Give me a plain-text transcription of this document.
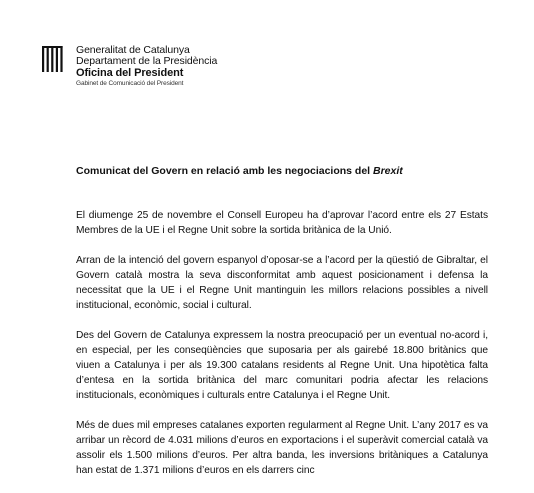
Generalitat de Catalunya
Departament de la Presidència
Oficina del President
Gabinet de Comunicació del President
Comunicat del Govern en relació amb les negociacions del Brexit

El diumenge 25 de novembre el Consell Europeu ha d’aprovar l’acord entre els 27 Estats Membres de la UE i el Regne Unit sobre la sortida britànica de la Unió.

Arran de la intenció del govern espanyol d’oposar-se a l’acord per la qüestió de Gibraltar, el Govern català mostra la seva disconformitat amb aquest posicionament i defensa la necessitat que la UE i el Regne Unit mantinguin les millors relacions possibles a nivell institucional, econòmic, social i cultural.

Des del Govern de Catalunya expressem la nostra preocupació per un eventual no-acord i, en especial, per les conseqüències que suposaria per als gairebé 18.800 britànics que viuen a Catalunya i per als 19.300 catalans residents al Regne Unit. Una hipotètica falta d’entesa en la sortida britànica del marc comunitari podria afectar les relacions institucionals, econòmiques i culturals entre Catalunya i el Regne Unit.

Més de dues mil empreses catalanes exporten regularment al Regne Unit. L’any 2017 es va arribar un rècord de 4.031 milions d’euros en exportacions i el superàvit comercial català va assolir els 1.500 milions d’euros. Per altra banda, les inversions britàniques a Catalunya han estat de 1.371 milions d’euros en els darrers cinc
